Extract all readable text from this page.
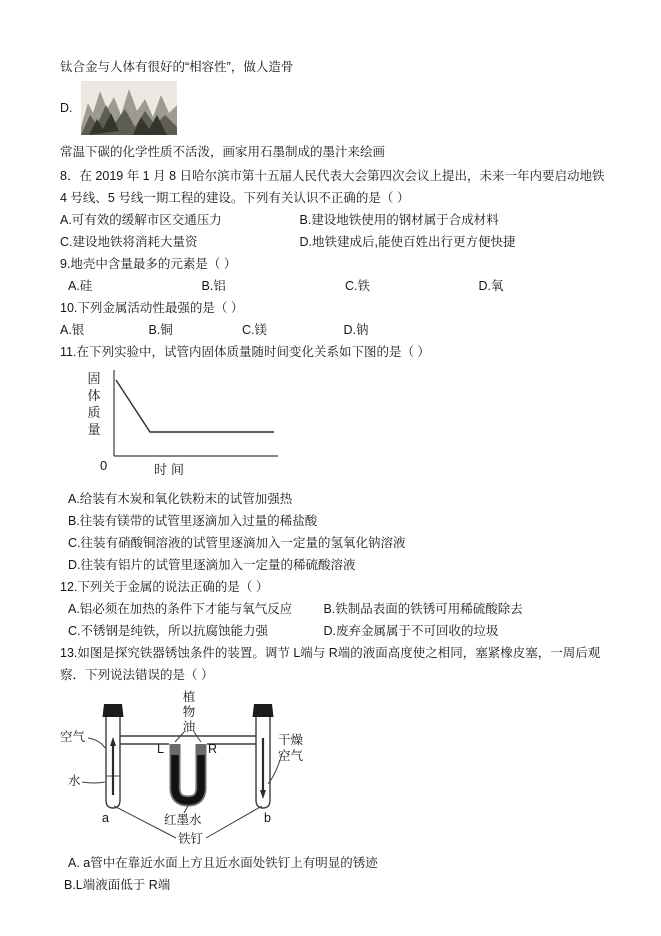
钛合金与人体有很好的“相容性”，做人造骨

D.

常温下碳的化学性质不活泼，画家用石墨制成的墨汁来绘画

8．在 2019 年 1 月 8 日哈尔滨市第十五届人民代表大会第四次会议上提出，未来一年内要启动地铁 4 号线、5 号线一期工程的建设。下列有关认识不正确的是（ ）

A.可有效的缓解市区交通压力	B.建设地铁使用的钢材属于合成材料
C.建设地铁将消耗大量资	D.地铁建成后,能使百姓出行更方便快捷

9.地壳中含量最多的元素是（ ）

A.硅	B.铝	C.铁	D.氧

10.下列金属活动性最强的是（ ）

A.银	B.铜	C.镁	D.钠

11.在下列实验中，试管内固体质量随时间变化关系如下图的是（ ）

固体质量
0	时间

A.给装有木炭和氧化铁粉末的试管加强热

B.往装有镁带的试管里逐滴加入过量的稀盐酸

C.往装有硝酸铜溶液的试管里逐滴加入一定量的氢氧化钠溶液

D.往装有铝片的试管里逐滴加入一定量的稀硫酸溶液

12.下列关于金属的说法正确的是（ ）

A.铝必须在加热的条件下才能与氧气反应 B.铁制品表面的铁锈可用稀硫酸除去
C.不锈钢是纯铁，所以抗腐蚀能力强	D.废弃金属属于不可回收的垃圾

13.如图是探究铁器锈蚀条件的装置。调节 L端与 R端的液面高度使之相同，塞紧橡皮塞，一周后观察．下列说法错误的是（ ）

空气
水
植物油
L	R
干燥空气
红墨水
铁钉
a	b

A. a管中在靠近水面上方且近水面处铁钉上有明显的锈迹

B.L端液面低于 R端
